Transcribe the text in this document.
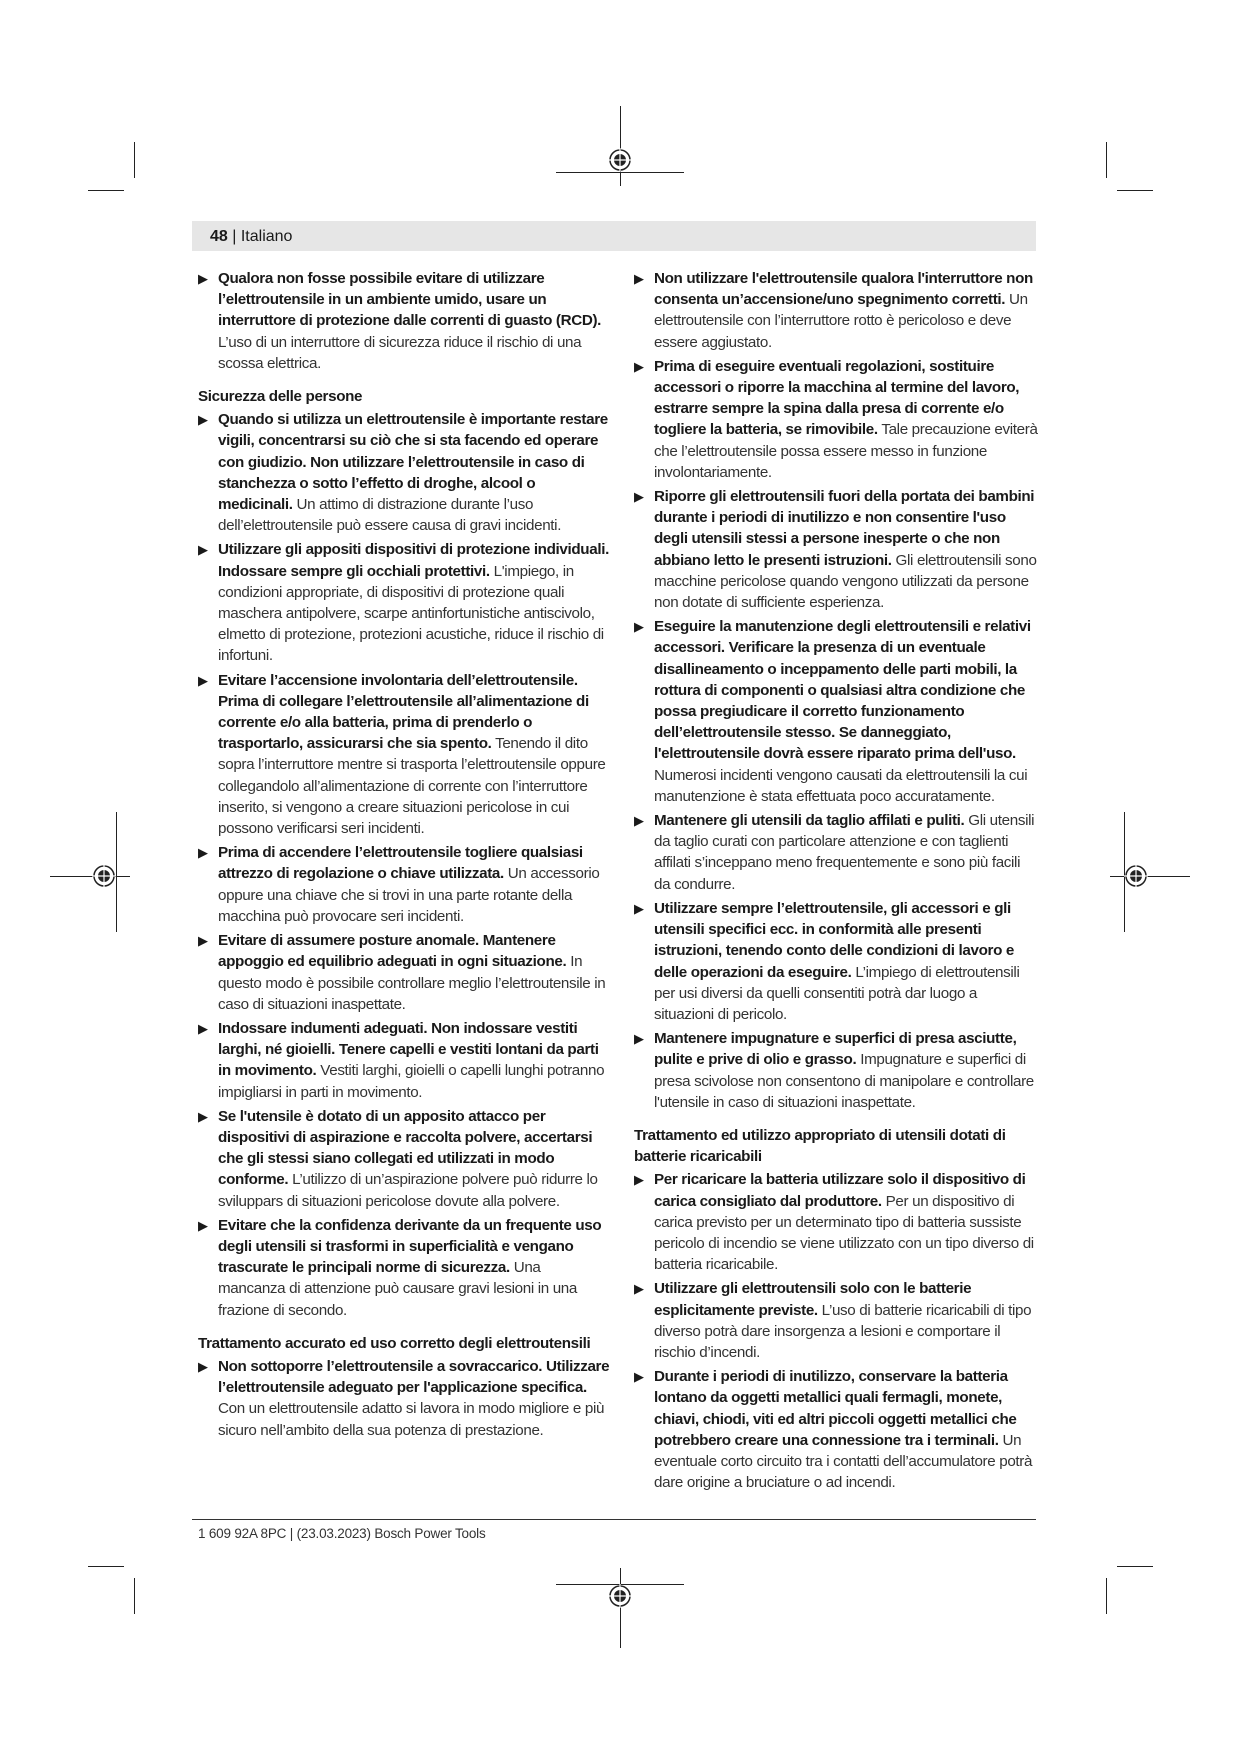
48 | Italiano
▶ Qualora non fosse possibile evitare di utilizzare l’elettroutensile in un ambiente umido, usare un interruttore di protezione dalle correnti di guasto (RCD). L’uso di un interruttore di sicurezza riduce il rischio di una scossa elettrica.
Sicurezza delle persone
▶ Quando si utilizza un elettroutensile è importante restare vigili, concentrarsi su ciò che si sta facendo ed operare con giudizio. Non utilizzare l’elettroutensile in caso di stanchezza o sotto l’effetto di droghe, alcool o medicinali. Un attimo di distrazione durante l’uso dell’elettroutensile può essere causa di gravi incidenti.
▶ Utilizzare gli appositi dispositivi di protezione individuali. Indossare sempre gli occhiali protettivi. L'impiego, in condizioni appropriate, di dispositivi di protezione quali maschera antipolvere, scarpe antinfortunistiche antiscivolo, elmetto di protezione, protezioni acustiche, riduce il rischio di infortuni.
▶ Evitare l’accensione involontaria dell’elettroutensile. Prima di collegare l’elettroutensile all’alimentazione di corrente e/o alla batteria, prima di prenderlo o trasportarlo, assicurarsi che sia spento. Tenendo il dito sopra l’interruttore mentre si trasporta l’elettroutensile oppure collegandolo all’alimentazione di corrente con l’interruttore inserito, si vengono a creare situazioni pericolose in cui possono verificarsi seri incidenti.
▶ Prima di accendere l’elettroutensile togliere qualsiasi attrezzo di regolazione o chiave utilizzata. Un accessorio oppure una chiave che si trovi in una parte rotante della macchina può provocare seri incidenti.
▶ Evitare di assumere posture anomale. Mantenere appoggio ed equilibrio adeguati in ogni situazione. In questo modo è possibile controllare meglio l’elettroutensile in caso di situazioni inaspettate.
▶ Indossare indumenti adeguati. Non indossare vestiti larghi, né gioielli. Tenere capelli e vestiti lontani da parti in movimento. Vestiti larghi, gioielli o capelli lunghi potranno impigliarsi in parti in movimento.
▶ Se l'utensile è dotato di un apposito attacco per dispositivi di aspirazione e raccolta polvere, accertarsi che gli stessi siano collegati ed utilizzati in modo conforme. L’utilizzo di un’aspirazione polvere può ridurre lo sviluppars di situazioni pericolose dovute alla polvere.
▶ Evitare che la confidenza derivante da un frequente uso degli utensili si trasformi in superficialità e vengano trascurate le principali norme di sicurezza. Una mancanza di attenzione può causare gravi lesioni in una frazione di secondo.
Trattamento accurato ed uso corretto degli elettroutensili
▶ Non sottoporre l’elettroutensile a sovraccarico. Utilizzare l’elettroutensile adeguato per l'applicazione specifica. Con un elettroutensile adatto si lavora in modo migliore e più sicuro nell’ambito della sua potenza di prestazione.
▶ Non utilizzare l'elettroutensile qualora l'interruttore non consenta un’accensione/uno spegnimento corretti. Un elettroutensile con l’interruttore rotto è pericoloso e deve essere aggiustato.
▶ Prima di eseguire eventuali regolazioni, sostituire accessori o riporre la macchina al termine del lavoro, estrarre sempre la spina dalla presa di corrente e/o togliere la batteria, se rimovibile. Tale precauzione eviterà che l’elettroutensile possa essere messo in funzione involontariamente.
▶ Riporre gli elettroutensili fuori della portata dei bambini durante i periodi di inutilizzo e non consentire l'uso degli utensili stessi a persone inesperte o che non abbiano letto le presenti istruzioni. Gli elettroutensili sono macchine pericolose quando vengono utilizzati da persone non dotate di sufficiente esperienza.
▶ Eseguire la manutenzione degli elettroutensili e relativi accessori. Verificare la presenza di un eventuale disallineamento o inceppamento delle parti mobili, la rottura di componenti o qualsiasi altra condizione che possa pregiudicare il corretto funzionamento dell’elettroutensile stesso. Se danneggiato, l'elettroutensile dovrà essere riparato prima dell'uso. Numerosi incidenti vengono causati da elettroutensili la cui manutenzione è stata effettuata poco accuratamente.
▶ Mantenere gli utensili da taglio affilati e puliti. Gli utensili da taglio curati con particolare attenzione e con taglienti affilati s’inceppano meno frequentemente e sono più facili da condurre.
▶ Utilizzare sempre l’elettroutensile, gli accessori e gli utensili specifici ecc. in conformità alle presenti istruzioni, tenendo conto delle condizioni di lavoro e delle operazioni da eseguire. L’impiego di elettroutensili per usi diversi da quelli consentiti potrà dar luogo a situazioni di pericolo.
▶ Mantenere impugnature e superfici di presa asciutte, pulite e prive di olio e grasso. Impugnature e superfici di presa scivolose non consentono di manipolare e controllare l'utensile in caso di situazioni inaspettate.
Trattamento ed utilizzo appropriato di utensili dotati di batterie ricaricabili
▶ Per ricaricare la batteria utilizzare solo il dispositivo di carica consigliato dal produttore. Per un dispositivo di carica previsto per un determinato tipo di batteria sussiste pericolo di incendio se viene utilizzato con un tipo diverso di batteria ricaricabile.
▶ Utilizzare gli elettroutensili solo con le batterie esplicitamente previste. L’uso di batterie ricaricabili di tipo diverso potrà dare insorgenza a lesioni e comportare il rischio d’incendi.
▶ Durante i periodi di inutilizzo, conservare la batteria lontano da oggetti metallici quali fermagli, monete, chiavi, chiodi, viti ed altri piccoli oggetti metallici che potrebbero creare una connessione tra i terminali. Un eventuale corto circuito tra i contatti dell’accumulatore potrà dare origine a bruciature o ad incendi.
1 609 92A 8PC | (23.03.2023) Bosch Power Tools
